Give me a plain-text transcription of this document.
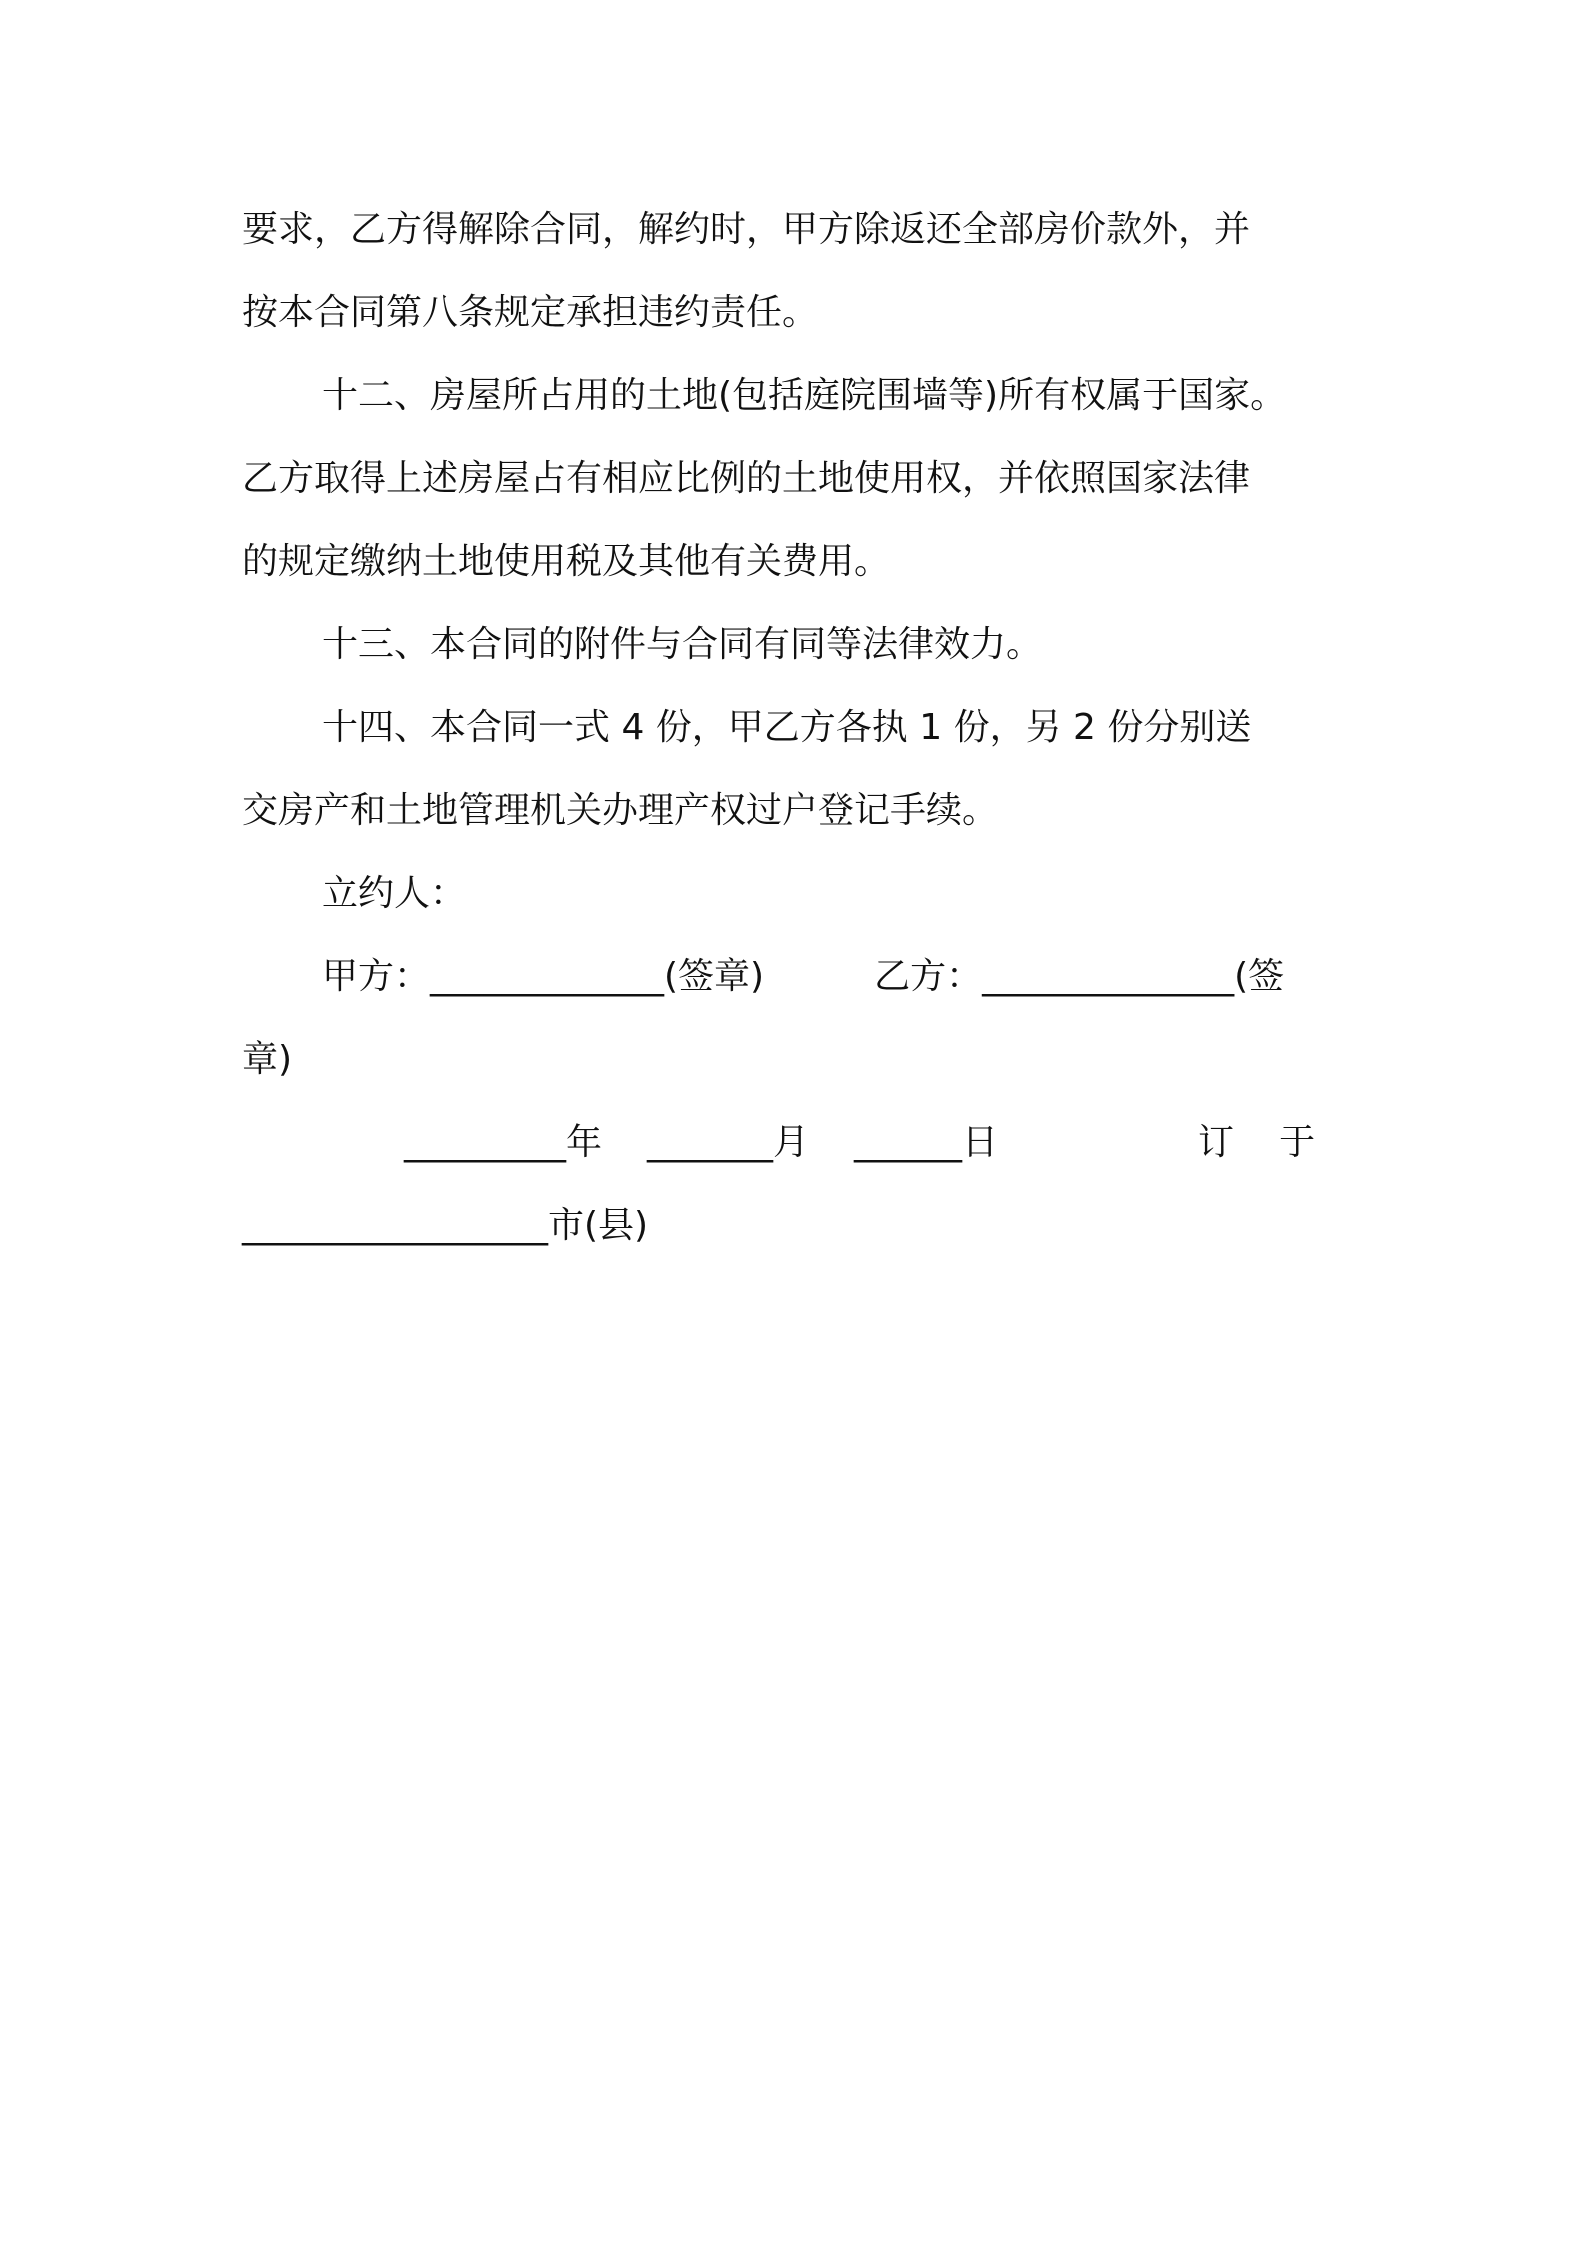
要求，乙方得解除合同，解约时，甲方除返还全部房价款外，并
按本合同第八条规定承担违约责任。
十二、房屋所占用的土地(包括庭院围墙等)所有权属于国家。
乙方取得上述房屋占有相应比例的土地使用权，并依照国家法律
的规定缴纳土地使用税及其他有关费用。
十三、本合同的附件与合同有同等法律效力。
十四、本合同一式 4 份，甲乙方各执 1 份，另 2 份分别送
交房产和土地管理机关办理产权过户登记手续。
立约人：
甲方：_____________(签章)	乙方：______________(签
章)
_________年 _______月 ______日	订 于
_________________市(县)
